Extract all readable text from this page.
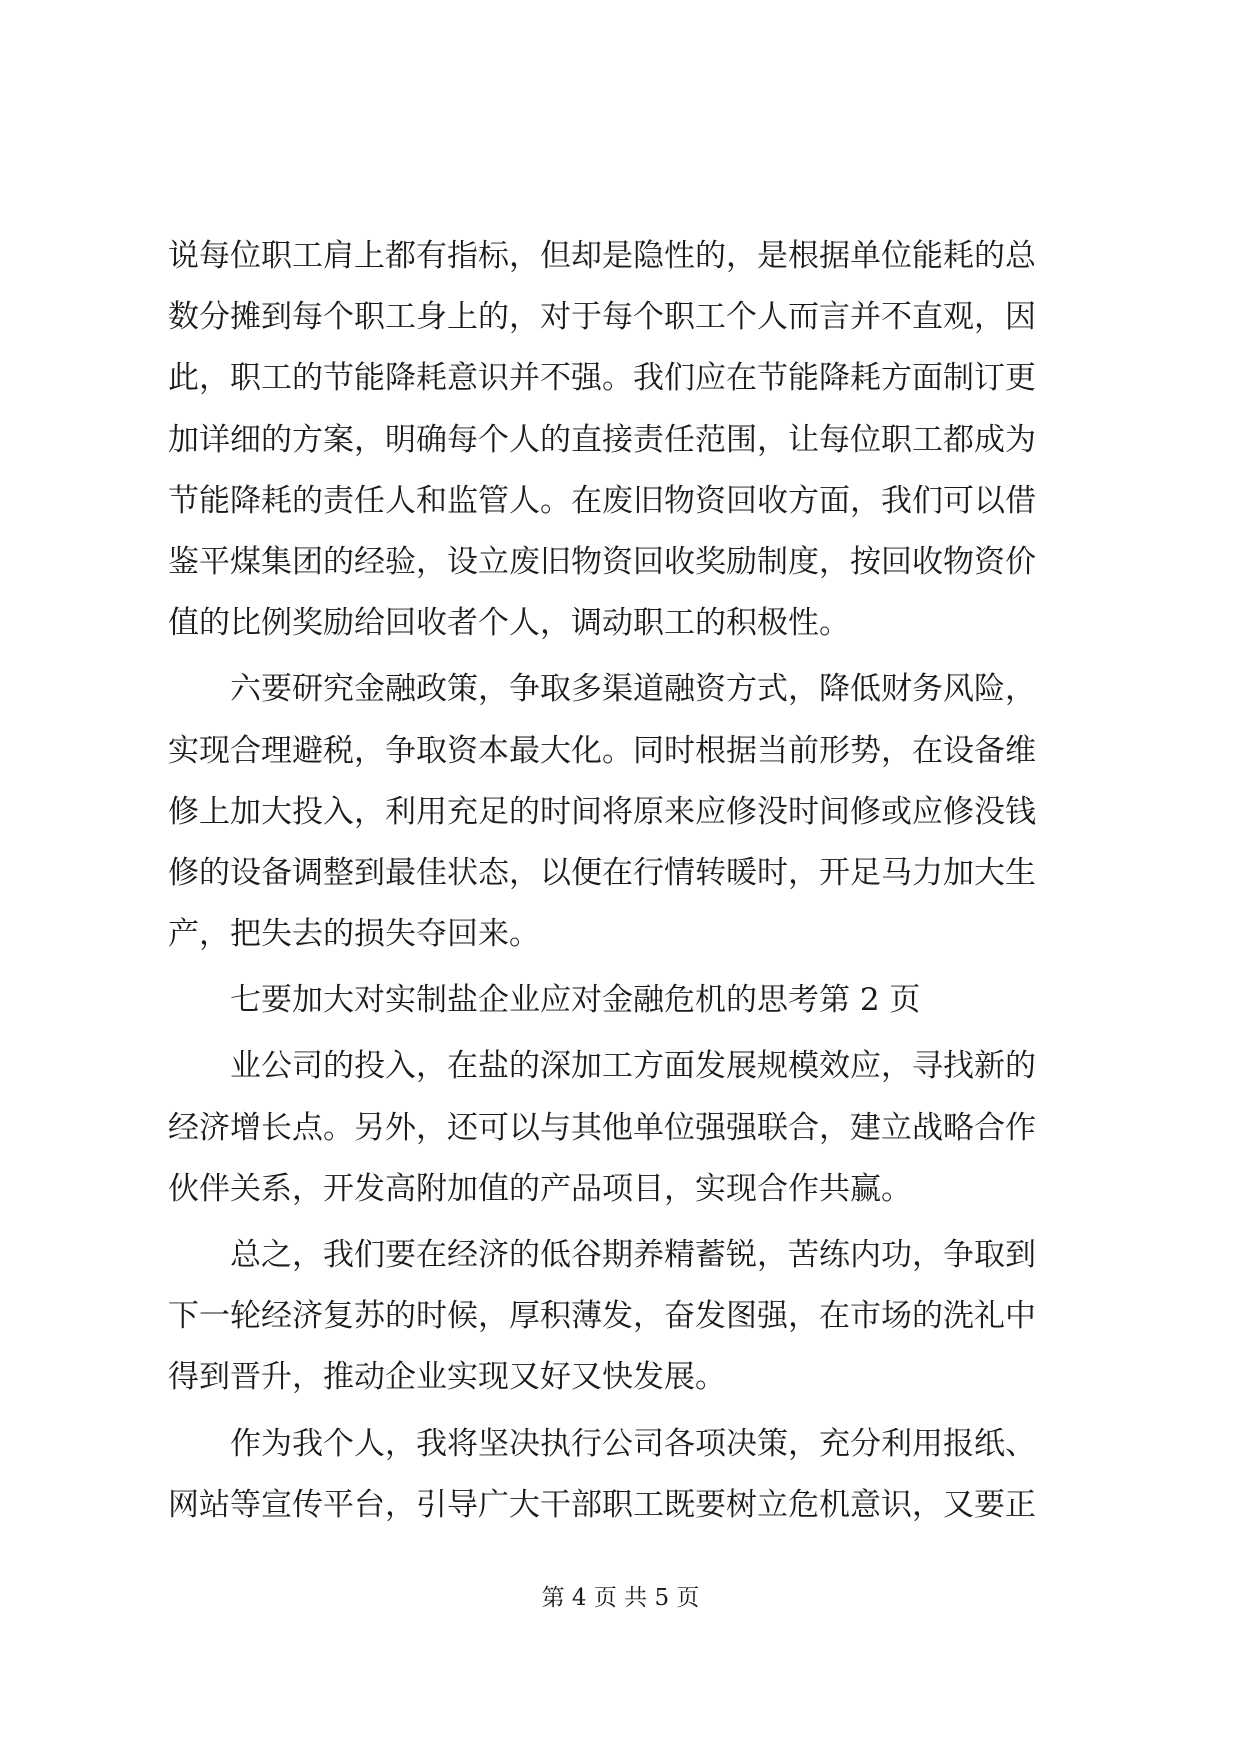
说每位职工肩上都有指标，但却是隐性的，是根据单位能耗的总
数分摊到每个职工身上的，对于每个职工个人而言并不直观，因
此，职工的节能降耗意识并不强。我们应在节能降耗方面制订更
加详细的方案，明确每个人的直接责任范围，让每位职工都成为
节能降耗的责任人和监管人。在废旧物资回收方面，我们可以借
鉴平煤集团的经验，设立废旧物资回收奖励制度，按回收物资价
值的比例奖励给回收者个人，调动职工的积极性。
六要研究金融政策，争取多渠道融资方式，降低财务风险，
实现合理避税，争取资本最大化。同时根据当前形势，在设备维
修上加大投入，利用充足的时间将原来应修没时间修或应修没钱
修的设备调整到最佳状态，以便在行情转暖时，开足马力加大生
产，把失去的损失夺回来。
七要加大对实制盐企业应对金融危机的思考第 2 页
业公司的投入，在盐的深加工方面发展规模效应，寻找新的
经济增长点。另外，还可以与其他单位强强联合，建立战略合作
伙伴关系，开发高附加值的产品项目，实现合作共赢。
总之，我们要在经济的低谷期养精蓄锐，苦练内功，争取到
下一轮经济复苏的时候，厚积薄发，奋发图强，在市场的洗礼中
得到晋升，推动企业实现又好又快发展。
作为我个人，我将坚决执行公司各项决策，充分利用报纸、
网站等宣传平台，引导广大干部职工既要树立危机意识，又要正
第 4 页 共 5 页
